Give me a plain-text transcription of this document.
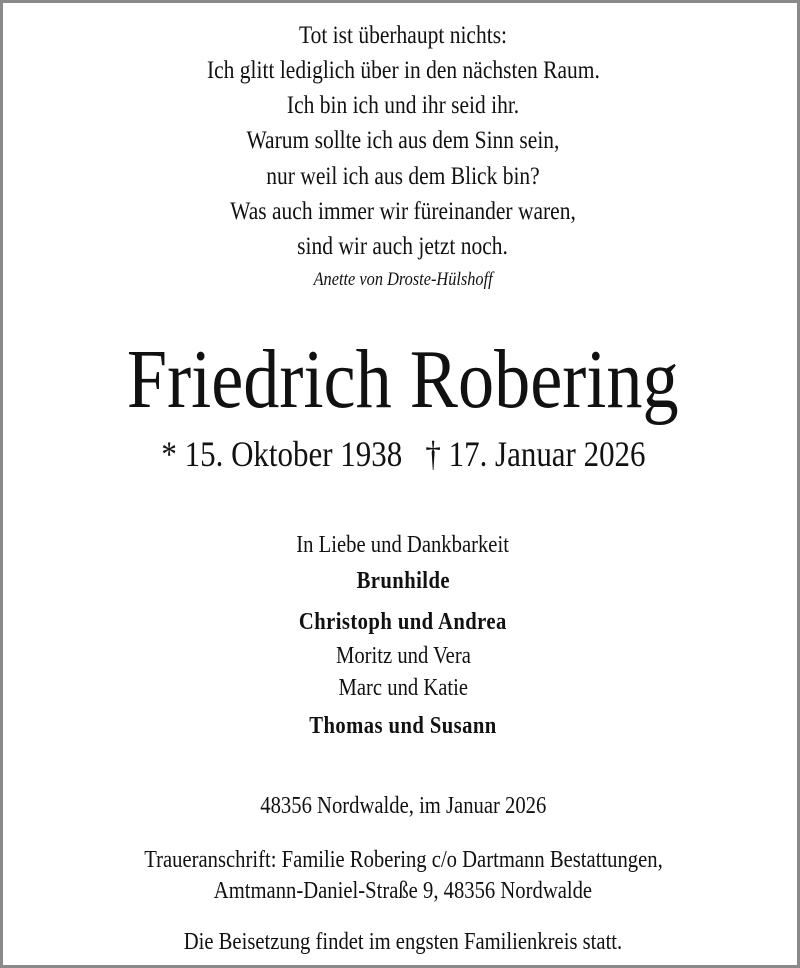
Tot ist überhaupt nichts:
Ich glitt lediglich über in den nächsten Raum.
Ich bin ich und ihr seid ihr.
Warum sollte ich aus dem Sinn sein,
nur weil ich aus dem Blick bin?
Was auch immer wir füreinander waren,
sind wir auch jetzt noch.
Anette von Droste-Hülshoff
Friedrich Robering
* 15. Oktober 1938 † 17. Januar 2026
In Liebe und Dankbarkeit
Brunhilde
Christoph und Andrea
Moritz und Vera
Marc und Katie
Thomas und Susann
48356 Nordwalde, im Januar 2026
Traueranschrift: Familie Robering c/o Dartmann Bestattungen,
Amtmann-Daniel-Straße 9, 48356 Nordwalde
Die Beisetzung findet im engsten Familienkreis statt.
